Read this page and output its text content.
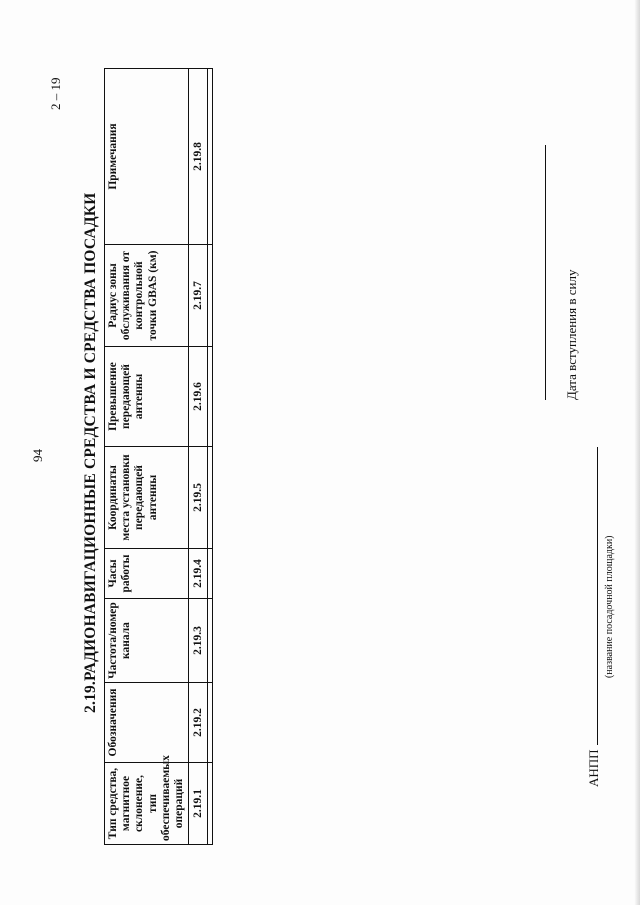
94
2 – 19
2.19.РАДИОНАВИГАЦИОННЫЕ СРЕДСТВА И СРЕДСТВА ПОСАДКИ
Тип средства, магнитное склонение, тип обеспечиваемых операций	Обозначения	Частота/номер канала	Часы работы	Координаты места установки передающей антенны	Превышение передающей антенны	Радиус зоны обслуживания от контрольной точки GBAS (км)	Примечания
2.19.1	2.19.2	2.19.3	2.19.4	2.19.5	2.19.6	2.19.7	2.19.8

АНПП
(название посадочной площадки)
Дата вступления в силу
